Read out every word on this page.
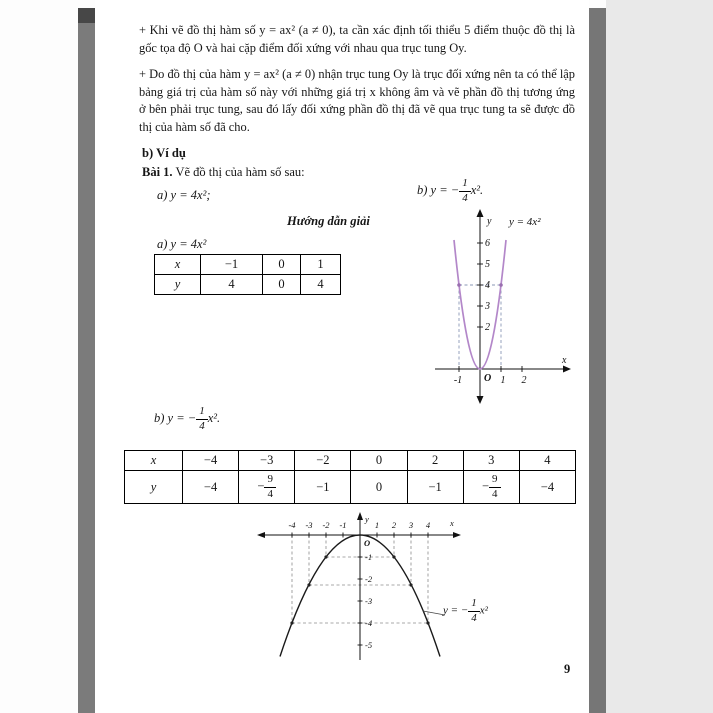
+ Khi vẽ đồ thị hàm số y = ax² (a ≠ 0), ta cần xác định tối thiểu 5 điểm thuộc đồ thị là gốc tọa độ O và hai cặp điểm đối xứng với nhau qua trục tung Oy.

+ Do đồ thị của hàm y = ax² (a ≠ 0) nhận trục tung Oy là trục đối xứng nên ta có thể lập bảng giá trị của hàm số này với những giá trị x không âm và vẽ phần đồ thị tương ứng ở bên phải trục tung, sau đó lấy đối xứng phần đồ thị đã vẽ qua trục tung ta sẽ được đồ thị của hàm số đã cho.

b) Ví dụ
Bài 1. Vẽ đồ thị của hàm số sau:
a) y = 4x²;	b) y = − $\frac{1}{4} x^2$.
Hướng dẫn giải
a) y = 4x²
x	−1	0	1
y	4	0	4
y
x
O
6
5
4
3
2
-1	1 2
y = 4x²
b) y = − $\frac{1}{4} x^2$.
x	−4	−3	−2	0	2	3	4
y	−4	− $\frac{9}{4}$	−1	0	−1	− $\frac{9}{4}$	−4
-4 -3 -2 -1	1 2 3 4
-1
-2
-3
-4
-5
O
y	x
y = − $\frac{1}{4} x^2$
9
